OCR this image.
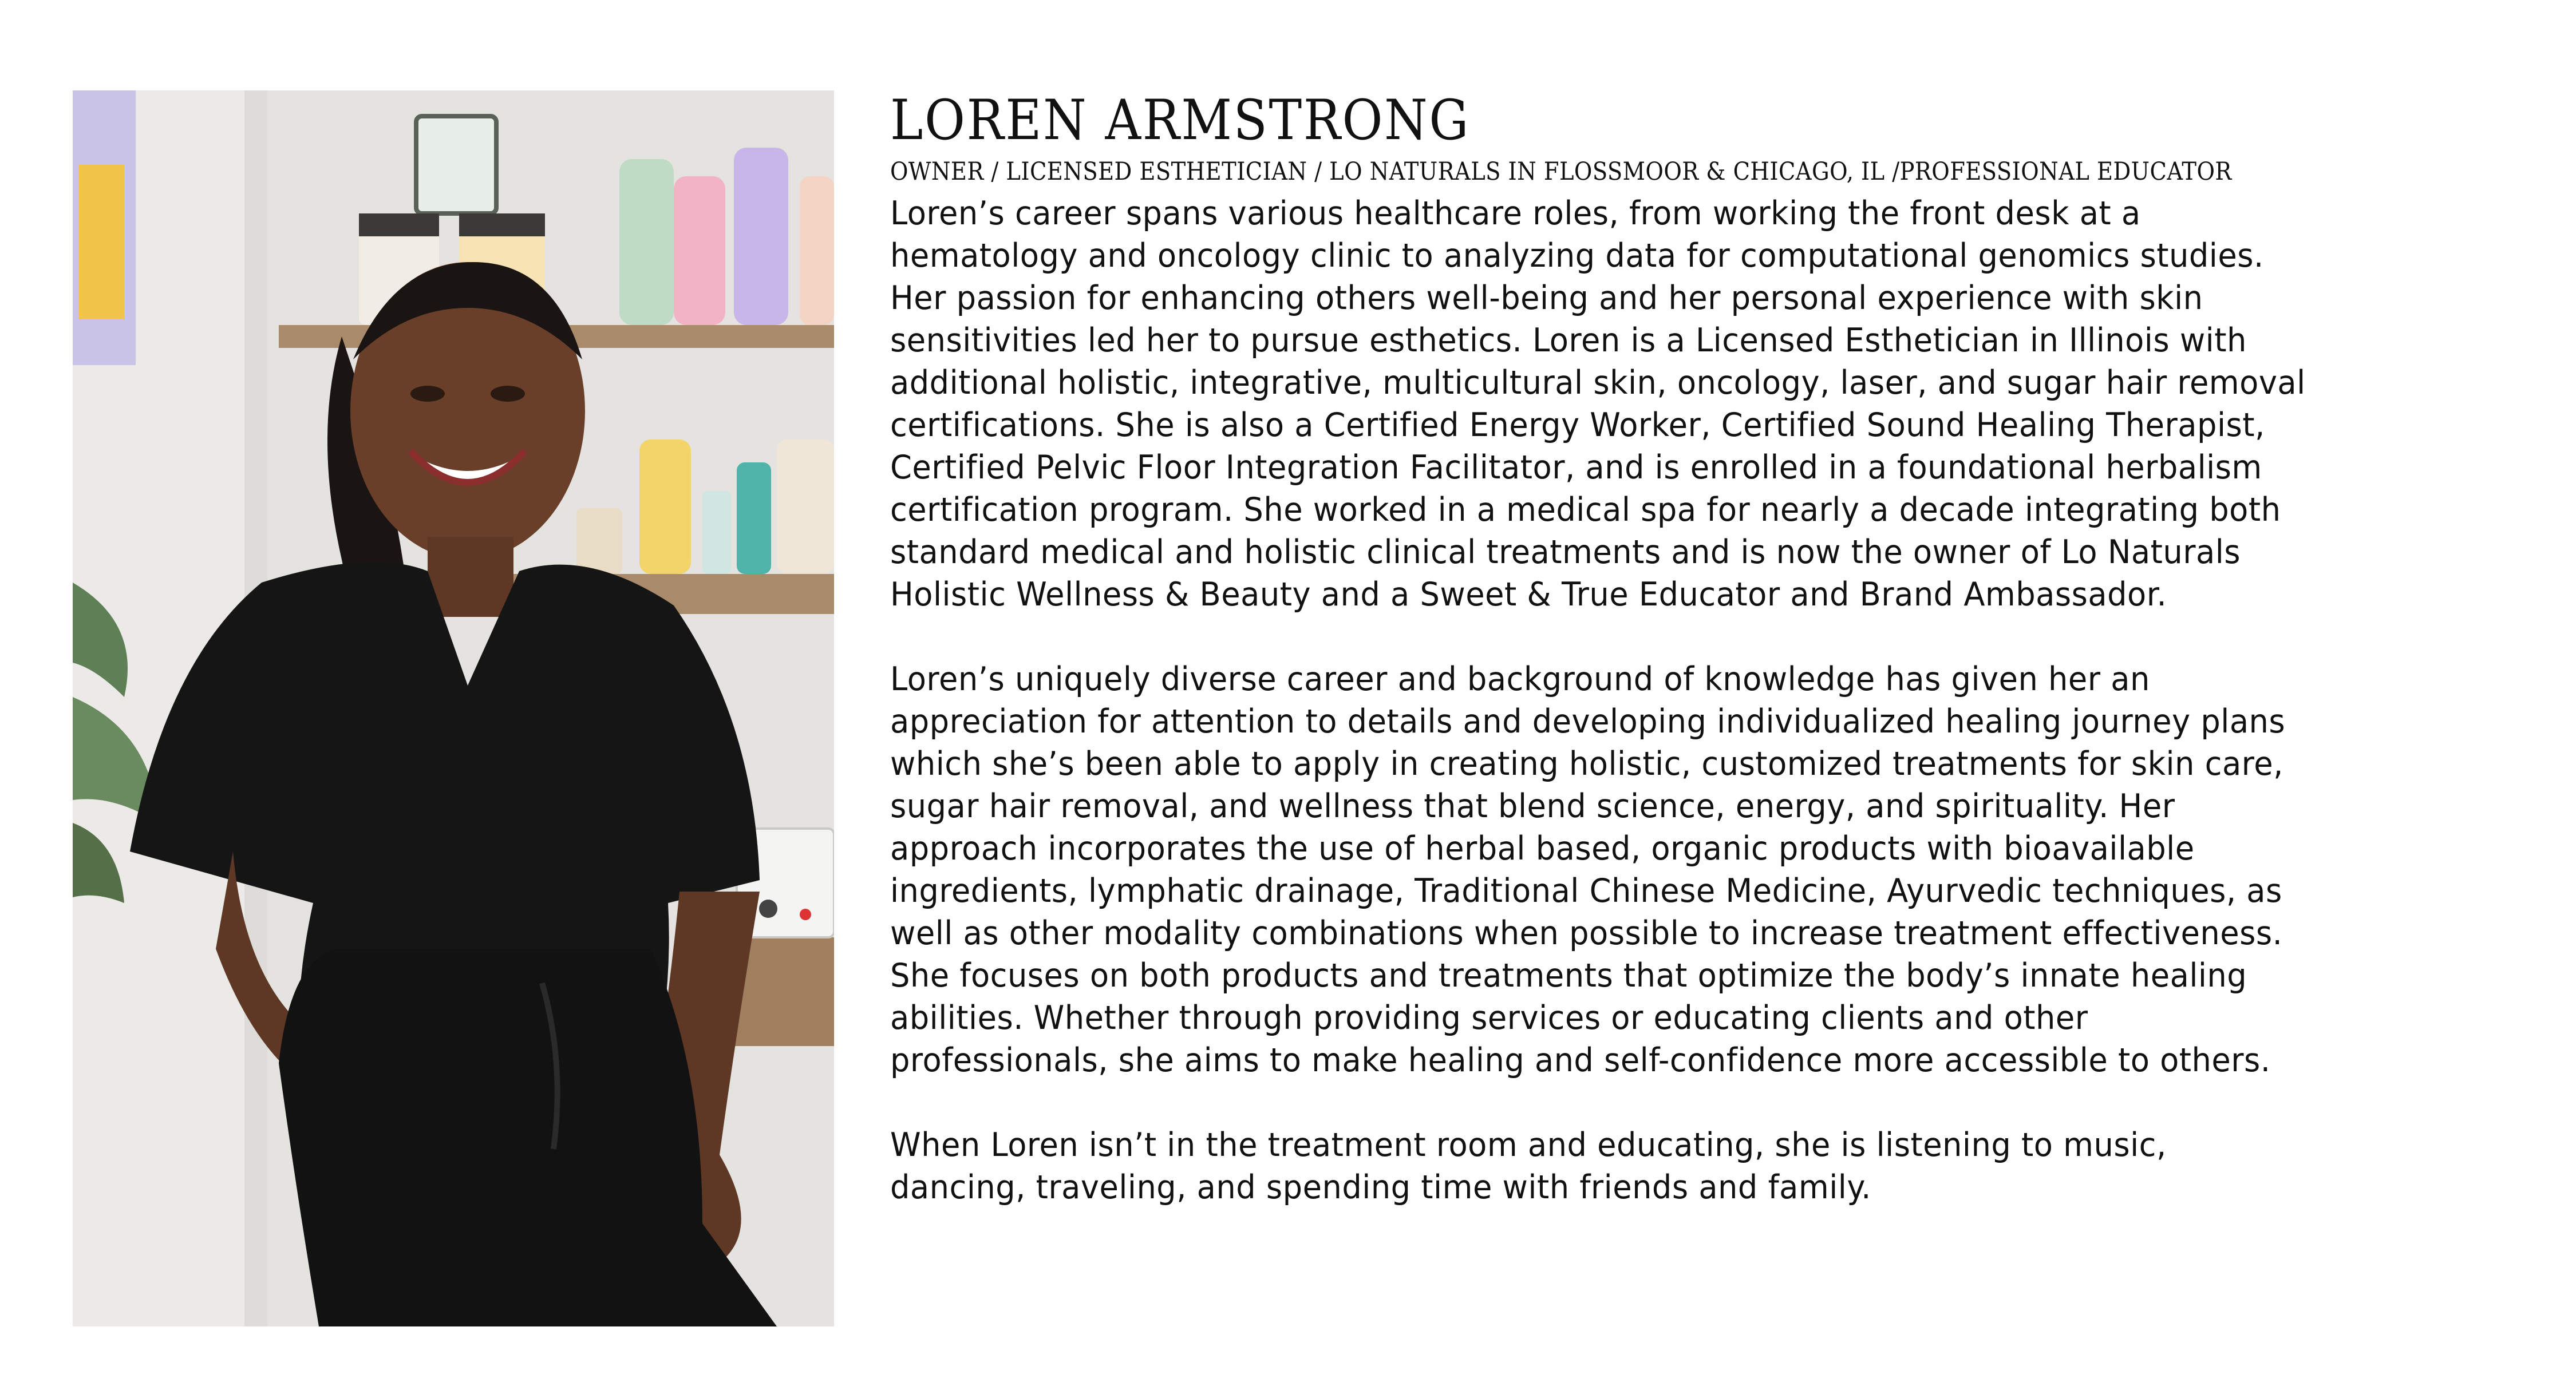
LOREN ARMSTRONG
OWNER / LICENSED ESTHETICIAN / LO NATURALS IN FLOSSMOOR & CHICAGO, IL /PROFESSIONAL EDUCATOR
Loren’s career spans various healthcare roles, from working the front desk at a
hematology and oncology clinic to analyzing data for computational genomics studies.
Her passion for enhancing others well-being and her personal experience with skin
sensitivities led her to pursue esthetics. Loren is a Licensed Esthetician in Illinois with
additional holistic, integrative, multicultural skin, oncology, laser, and sugar hair removal
certifications. She is also a Certified Energy Worker, Certified Sound Healing Therapist,
Certified Pelvic Floor Integration Facilitator, and is enrolled in a foundational herbalism
certification program. She worked in a medical spa for nearly a decade integrating both
standard medical and holistic clinical treatments and is now the owner of Lo Naturals
Holistic Wellness & Beauty and a Sweet & True Educator and Brand Ambassador.
Loren’s uniquely diverse career and background of knowledge has given her an
appreciation for attention to details and developing individualized healing journey plans
which she’s been able to apply in creating holistic, customized treatments for skin care,
sugar hair removal, and wellness that blend science, energy, and spirituality. Her
approach incorporates the use of herbal based, organic products with bioavailable
ingredients, lymphatic drainage, Traditional Chinese Medicine, Ayurvedic techniques, as
well as other modality combinations when possible to increase treatment effectiveness.
She focuses on both products and treatments that optimize the body’s innate healing
abilities. Whether through providing services or educating clients and other
professionals, she aims to make healing and self-confidence more accessible to others.
When Loren isn’t in the treatment room and educating, she is listening to music,
dancing, traveling, and spending time with friends and family.
